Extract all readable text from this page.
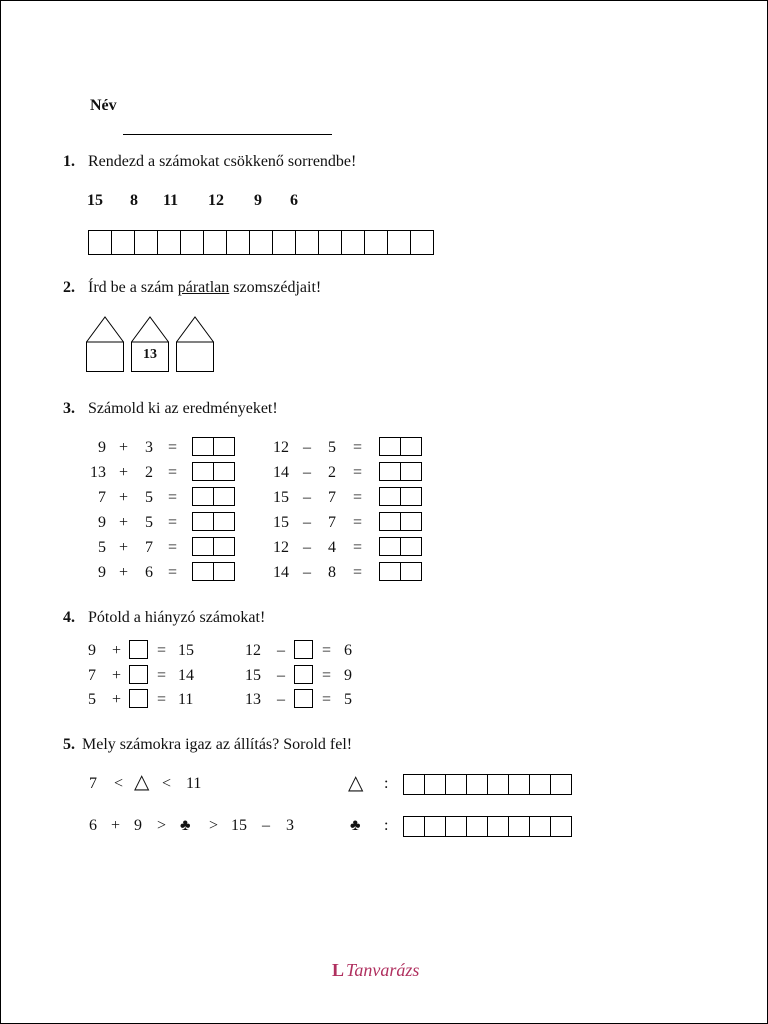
Név
1. Rendezd a számokat csökkenő sorrendbe!
15 8 11 12 9 6
2. Írd be a szám páratlan szomszédjait!
13
3. Számold ki az eredményeket!
9 + 3 =
13 + 2 =
7 + 5 =
9 + 5 =
5 + 7 =
9 + 6 =
12 – 5 =
14 – 2 =
15 – 7 =
15 – 7 =
12 – 4 =
14 – 8 =
4. Pótold a hiányzó számokat!
9 + = 15
7 + = 14
5 + = 11
12 – = 6
15 – = 9
13 – = 5
5. Mely számokra igaz az állítás? Sorold fel!
7 < △ < 11	△ :
6 + 9 > ♣ > 15 – 3	♣ :
L Tanvarázs
